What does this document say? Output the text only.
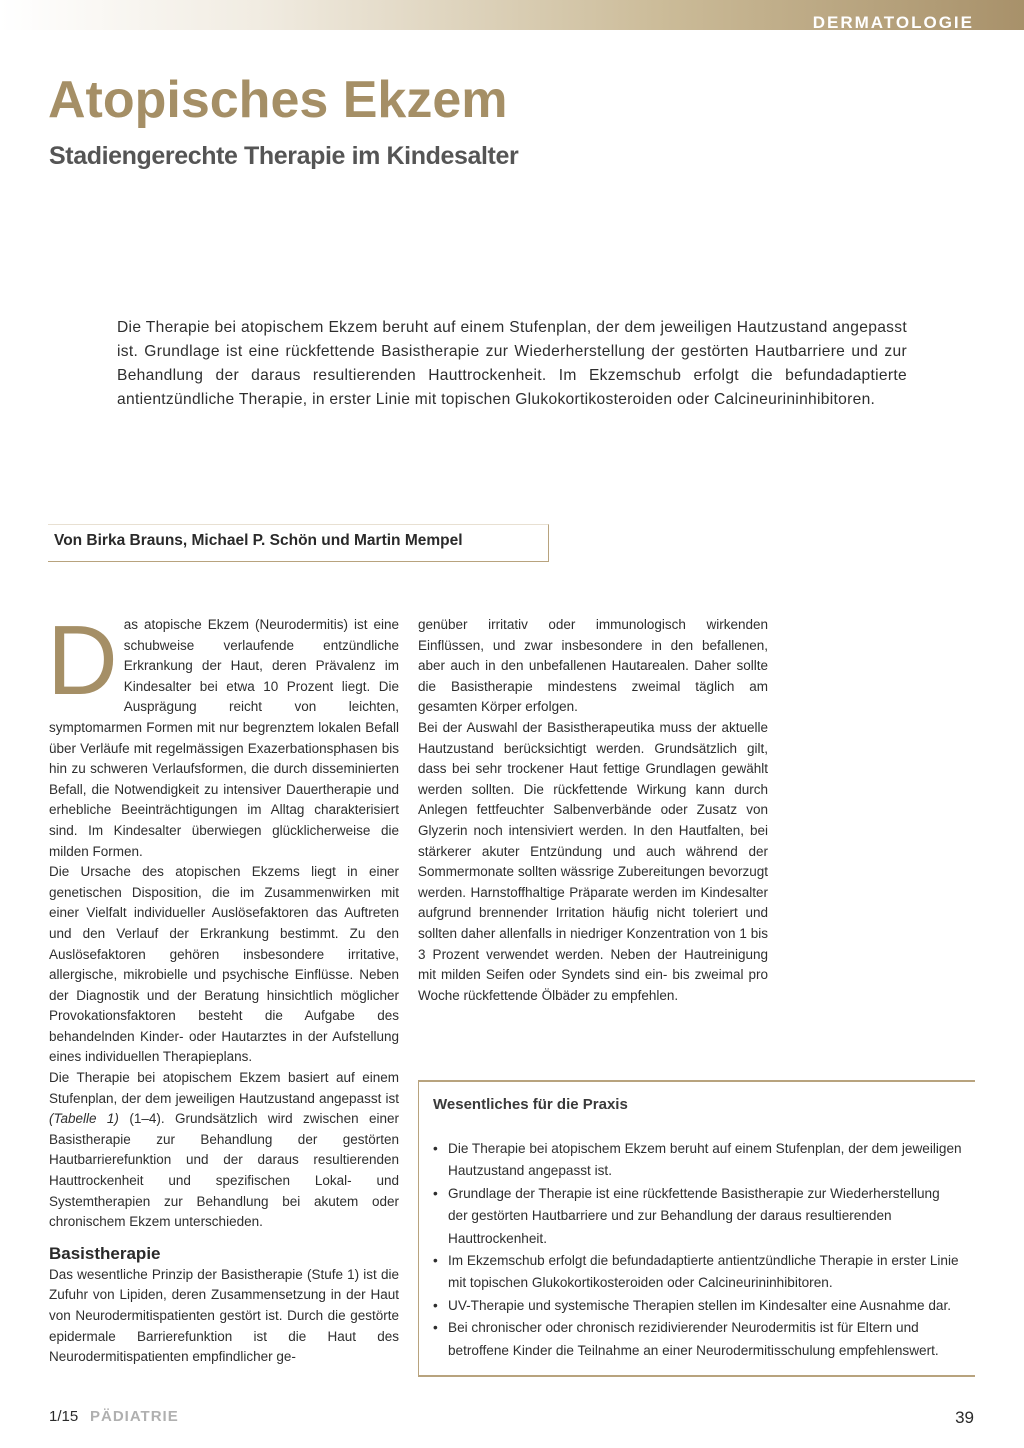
DERMATOLOGIE
Atopisches Ekzem
Stadiengerechte Therapie im Kindesalter

Die Therapie bei atopischem Ekzem beruht auf einem Stufenplan, der dem jeweiligen Hautzustand angepasst ist. Grundlage ist eine rückfettende Basistherapie zur Wiederherstellung der gestörten Hautbarriere und zur Behandlung der daraus resultierenden Hauttrockenheit. Im Ekzemschub erfolgt die befundadaptierte antientzündliche Therapie, in erster Linie mit topischen Glukokortikosteroiden oder Calcineurininhibitoren.

Von Birka Brauns, Michael P. Schön und Martin Mempel

Das atopische Ekzem (Neurodermitis) ist eine schubweise verlaufende entzündliche Erkrankung der Haut, deren Prävalenz im Kindesalter bei etwa 10 Prozent liegt. Die Ausprägung reicht von leichten, symptomarmen Formen mit nur begrenztem lokalen Befall über Verläufe mit regelmässigen Exazerbationsphasen bis hin zu schweren Verlaufsformen, die durch disseminierten Befall, die Notwendigkeit zu intensiver Dauertherapie und erhebliche Beeinträchtigungen im Alltag charakterisiert sind. Im Kindesalter überwiegen glücklicherweise die milden Formen.

Die Ursache des atopischen Ekzems liegt in einer genetischen Disposition, die im Zusammenwirken mit einer Vielfalt individueller Auslösefaktoren das Auftreten und den Verlauf der Erkrankung bestimmt. Zu den Auslösefaktoren gehören insbesondere irritative, allergische, mikrobielle und psychische Einflüsse. Neben der Diagnostik und der Beratung hinsichtlich möglicher Provokationsfaktoren besteht die Aufgabe des behandelnden Kinder- oder Hautarztes in der Aufstellung eines individuellen Therapieplans.

Die Therapie bei atopischem Ekzem basiert auf einem Stufenplan, der dem jeweiligen Hautzustand angepasst ist (Tabelle 1) (1–4). Grundsätzlich wird zwischen einer Basistherapie zur Behandlung der gestörten Hautbarrierefunktion und der daraus resultierenden Hauttrockenheit und spezifischen Lokal- und Systemtherapien zur Behandlung bei akutem oder chronischem Ekzem unterschieden.

Basistherapie

Das wesentliche Prinzip der Basistherapie (Stufe 1) ist die Zufuhr von Lipiden, deren Zusammensetzung in der Haut von Neurodermitispatienten gestört ist. Durch die gestörte epidermale Barrierefunktion ist die Haut des Neurodermitispatienten empfindlicher ge-

genüber irritativ oder immunologisch wirkenden Einflüssen, und zwar insbesondere in den befallenen, aber auch in den unbefallenen Hautarealen. Daher sollte die Basistherapie mindestens zweimal täglich am gesamten Körper erfolgen.

Bei der Auswahl der Basistherapeutika muss der aktuelle Hautzustand berücksichtigt werden. Grundsätzlich gilt, dass bei sehr trockener Haut fettige Grundlagen gewählt werden sollten. Die rückfettende Wirkung kann durch Anlegen fettfeuchter Salbenverbände oder Zusatz von Glyzerin noch intensiviert werden. In den Hautfalten, bei stärkerer akuter Entzündung und auch während der Sommermonate sollten wässrige Zubereitungen bevorzugt werden. Harnstoffhaltige Präparate werden im Kindesalter aufgrund brennender Irritation häufig nicht toleriert und sollten daher allenfalls in niedriger Konzentration von 1 bis 3 Prozent verwendet werden. Neben der Hautreinigung mit milden Seifen oder Syndets sind ein- bis zweimal pro Woche rückfettende Ölbäder zu empfehlen.

Wesentliches für die Praxis
• Die Therapie bei atopischem Ekzem beruht auf einem Stufenplan, der dem jeweiligen Hautzustand angepasst ist.
• Grundlage der Therapie ist eine rückfettende Basistherapie zur Wiederherstellung der gestörten Hautbarriere und zur Behandlung der daraus resultierenden Hauttrockenheit.
• Im Ekzemschub erfolgt die befundadaptierte antientzündliche Therapie in erster Linie mit topischen Glukokortikosteroiden oder Calcineurininhibitoren.
• UV-Therapie und systemische Therapien stellen im Kindesalter eine Ausnahme dar.
• Bei chronischer oder chronisch rezidivierender Neurodermitis ist für Eltern und betroffene Kinder die Teilnahme an einer Neurodermitisschulung empfehlenswert.
1/15 PÄDIATRIE	39
